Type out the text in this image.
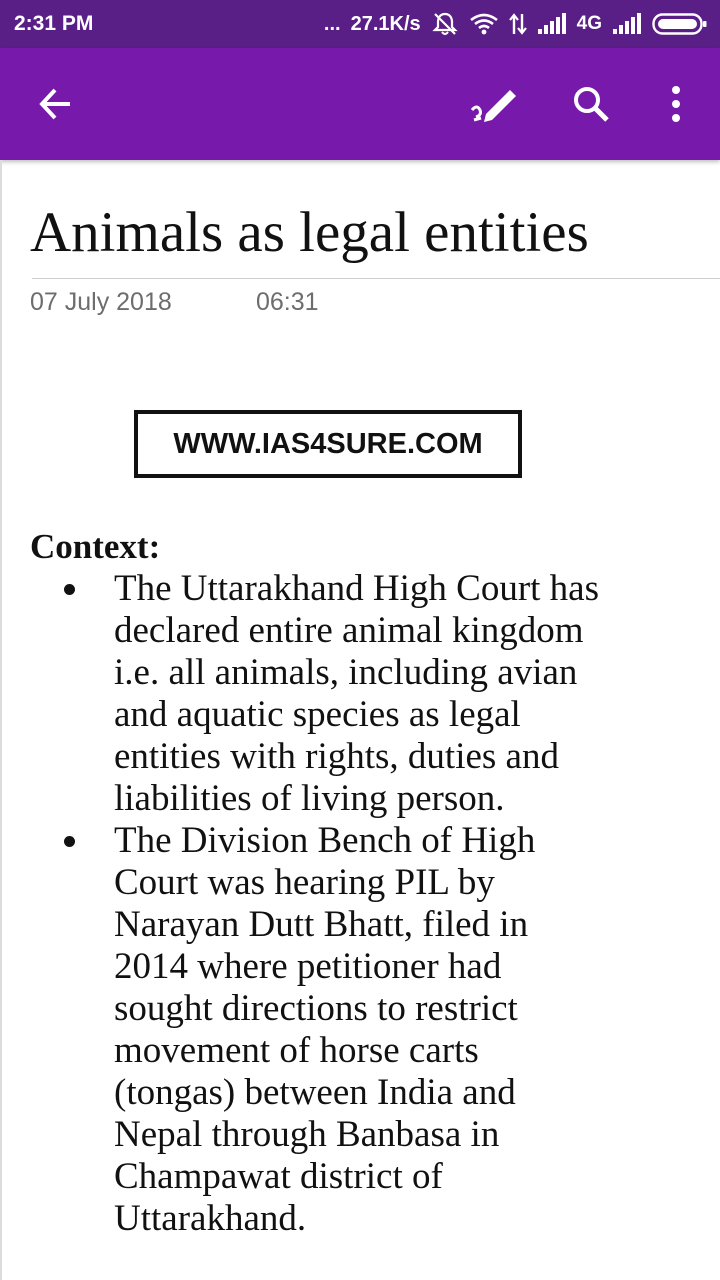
2:31 PM	... 27.1K/s	4G
Animals as legal entities
07 July 2018	06:31
WWW.IAS4SURE.COM

Context:

The Uttarakhand High Court has declared entire animal kingdom i.e. all animals, including avian and aquatic species as legal entities with rights, duties and liabilities of living person.
The Division Bench of High Court was hearing PIL by Narayan Dutt Bhatt, filed in 2014 where petitioner had sought directions to restrict movement of horse carts (tongas) between India and Nepal through Banbasa in Champawat district of Uttarakhand.
